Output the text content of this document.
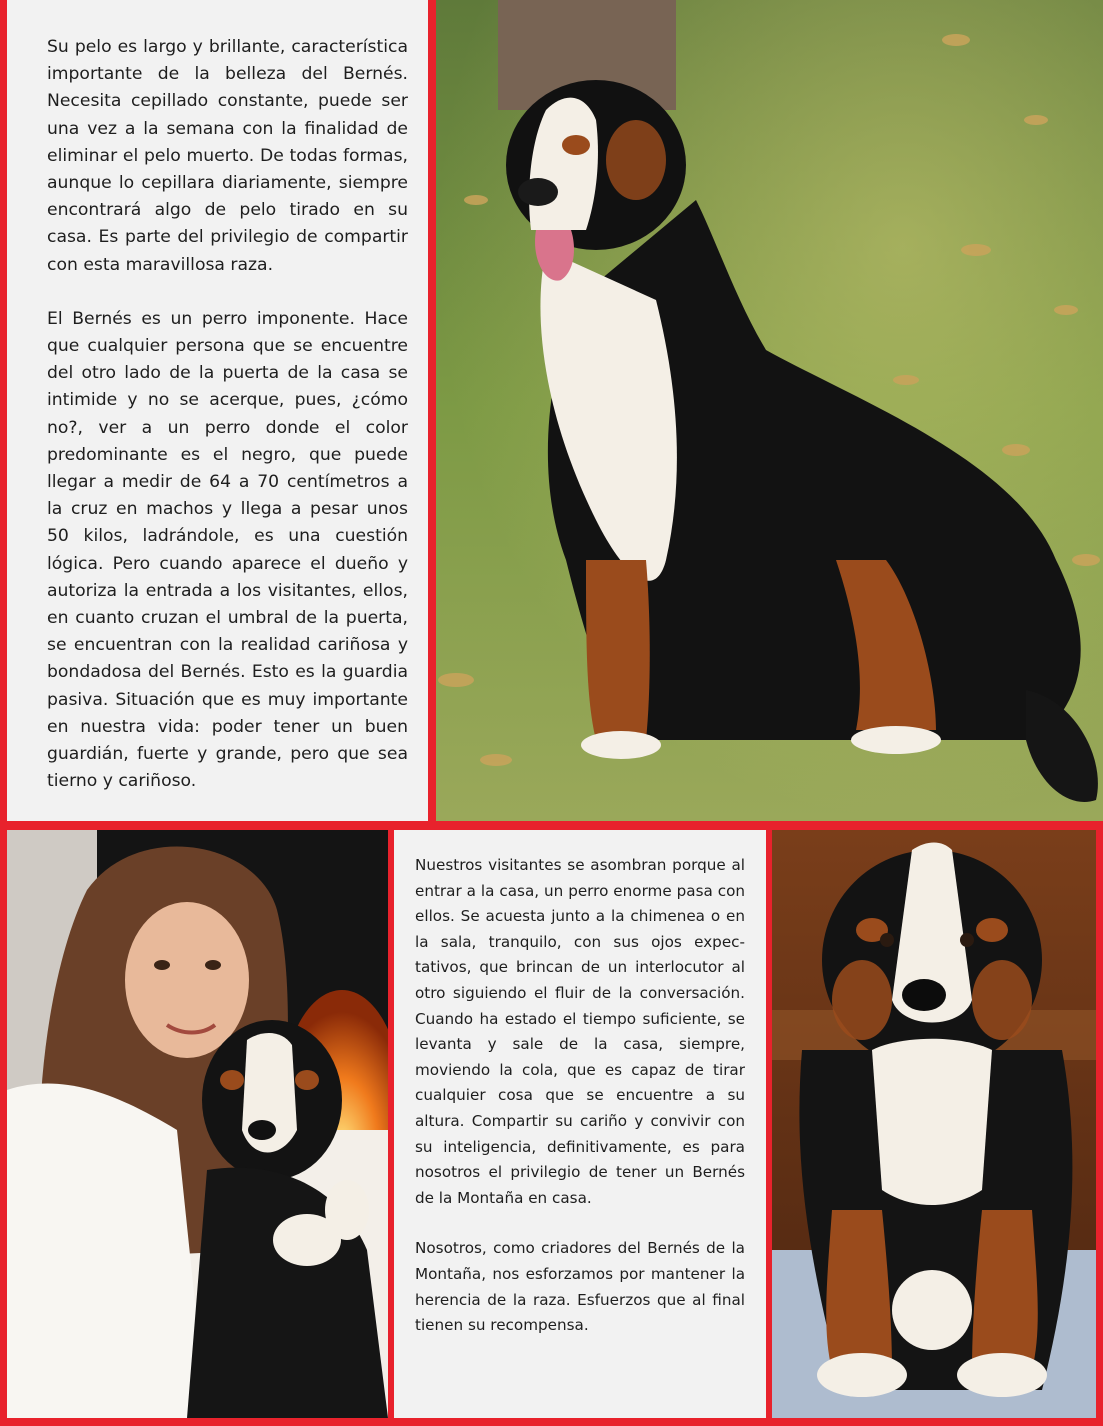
Su pelo es largo y brillante, característica importante de la belleza del Bernés. Necesita cepillado constante, puede ser una vez a la semana con la finalidad de eliminar el pelo muerto. De todas formas, aunque lo cepillara diariamente, siempre encontrará algo de pelo tirado en su casa. Es parte del privilegio de compartir con esta maravillosa raza.

El Bernés es un perro imponente. Hace que cualquier persona que se encuentre del otro lado de la puerta de la casa se intimide y no se acerque, pues, ¿cómo no?, ver a un perro donde el color predominante es el negro, que puede llegar a medir de 64 a 70 centímetros a la cruz en machos y llega a pesar unos 50 kilos, ladrándole, es una cuestión lógica. Pero cuando aparece el dueño y autoriza la entrada a los visitantes, ellos, en cuanto cruzan el umbral de la puerta, se encuentran con la realidad cariñosa y bondadosa del Bernés. Esto es la guardia pasiva. Situación que es muy importante en nuestra vida: poder tener un buen guardián, fuerte y grande, pero que sea tierno y cariñoso.

Nuestros visitantes se asombran porque al entrar a la casa, un perro enorme pasa con ellos. Se acuesta junto a la chimenea o en la sala, tranquilo, con sus ojos expectativos, que brincan de un interlocutor al otro siguiendo el fluir de la conversación. Cuando ha estado el tiempo suficiente, se levanta y sale de la casa, siempre, moviendo la cola, que es capaz de tirar cualquier cosa que se encuentre a su altura. Compartir su cariño y convivir con su inteligencia, definitivamente, es para nosotros el privilegio de tener un Bernés de la Montaña en casa.

Nosotros, como criadores del Bernés de la Montaña, nos esforzamos por mantener la herencia de la raza. Esfuerzos que al final tienen su recompensa.
